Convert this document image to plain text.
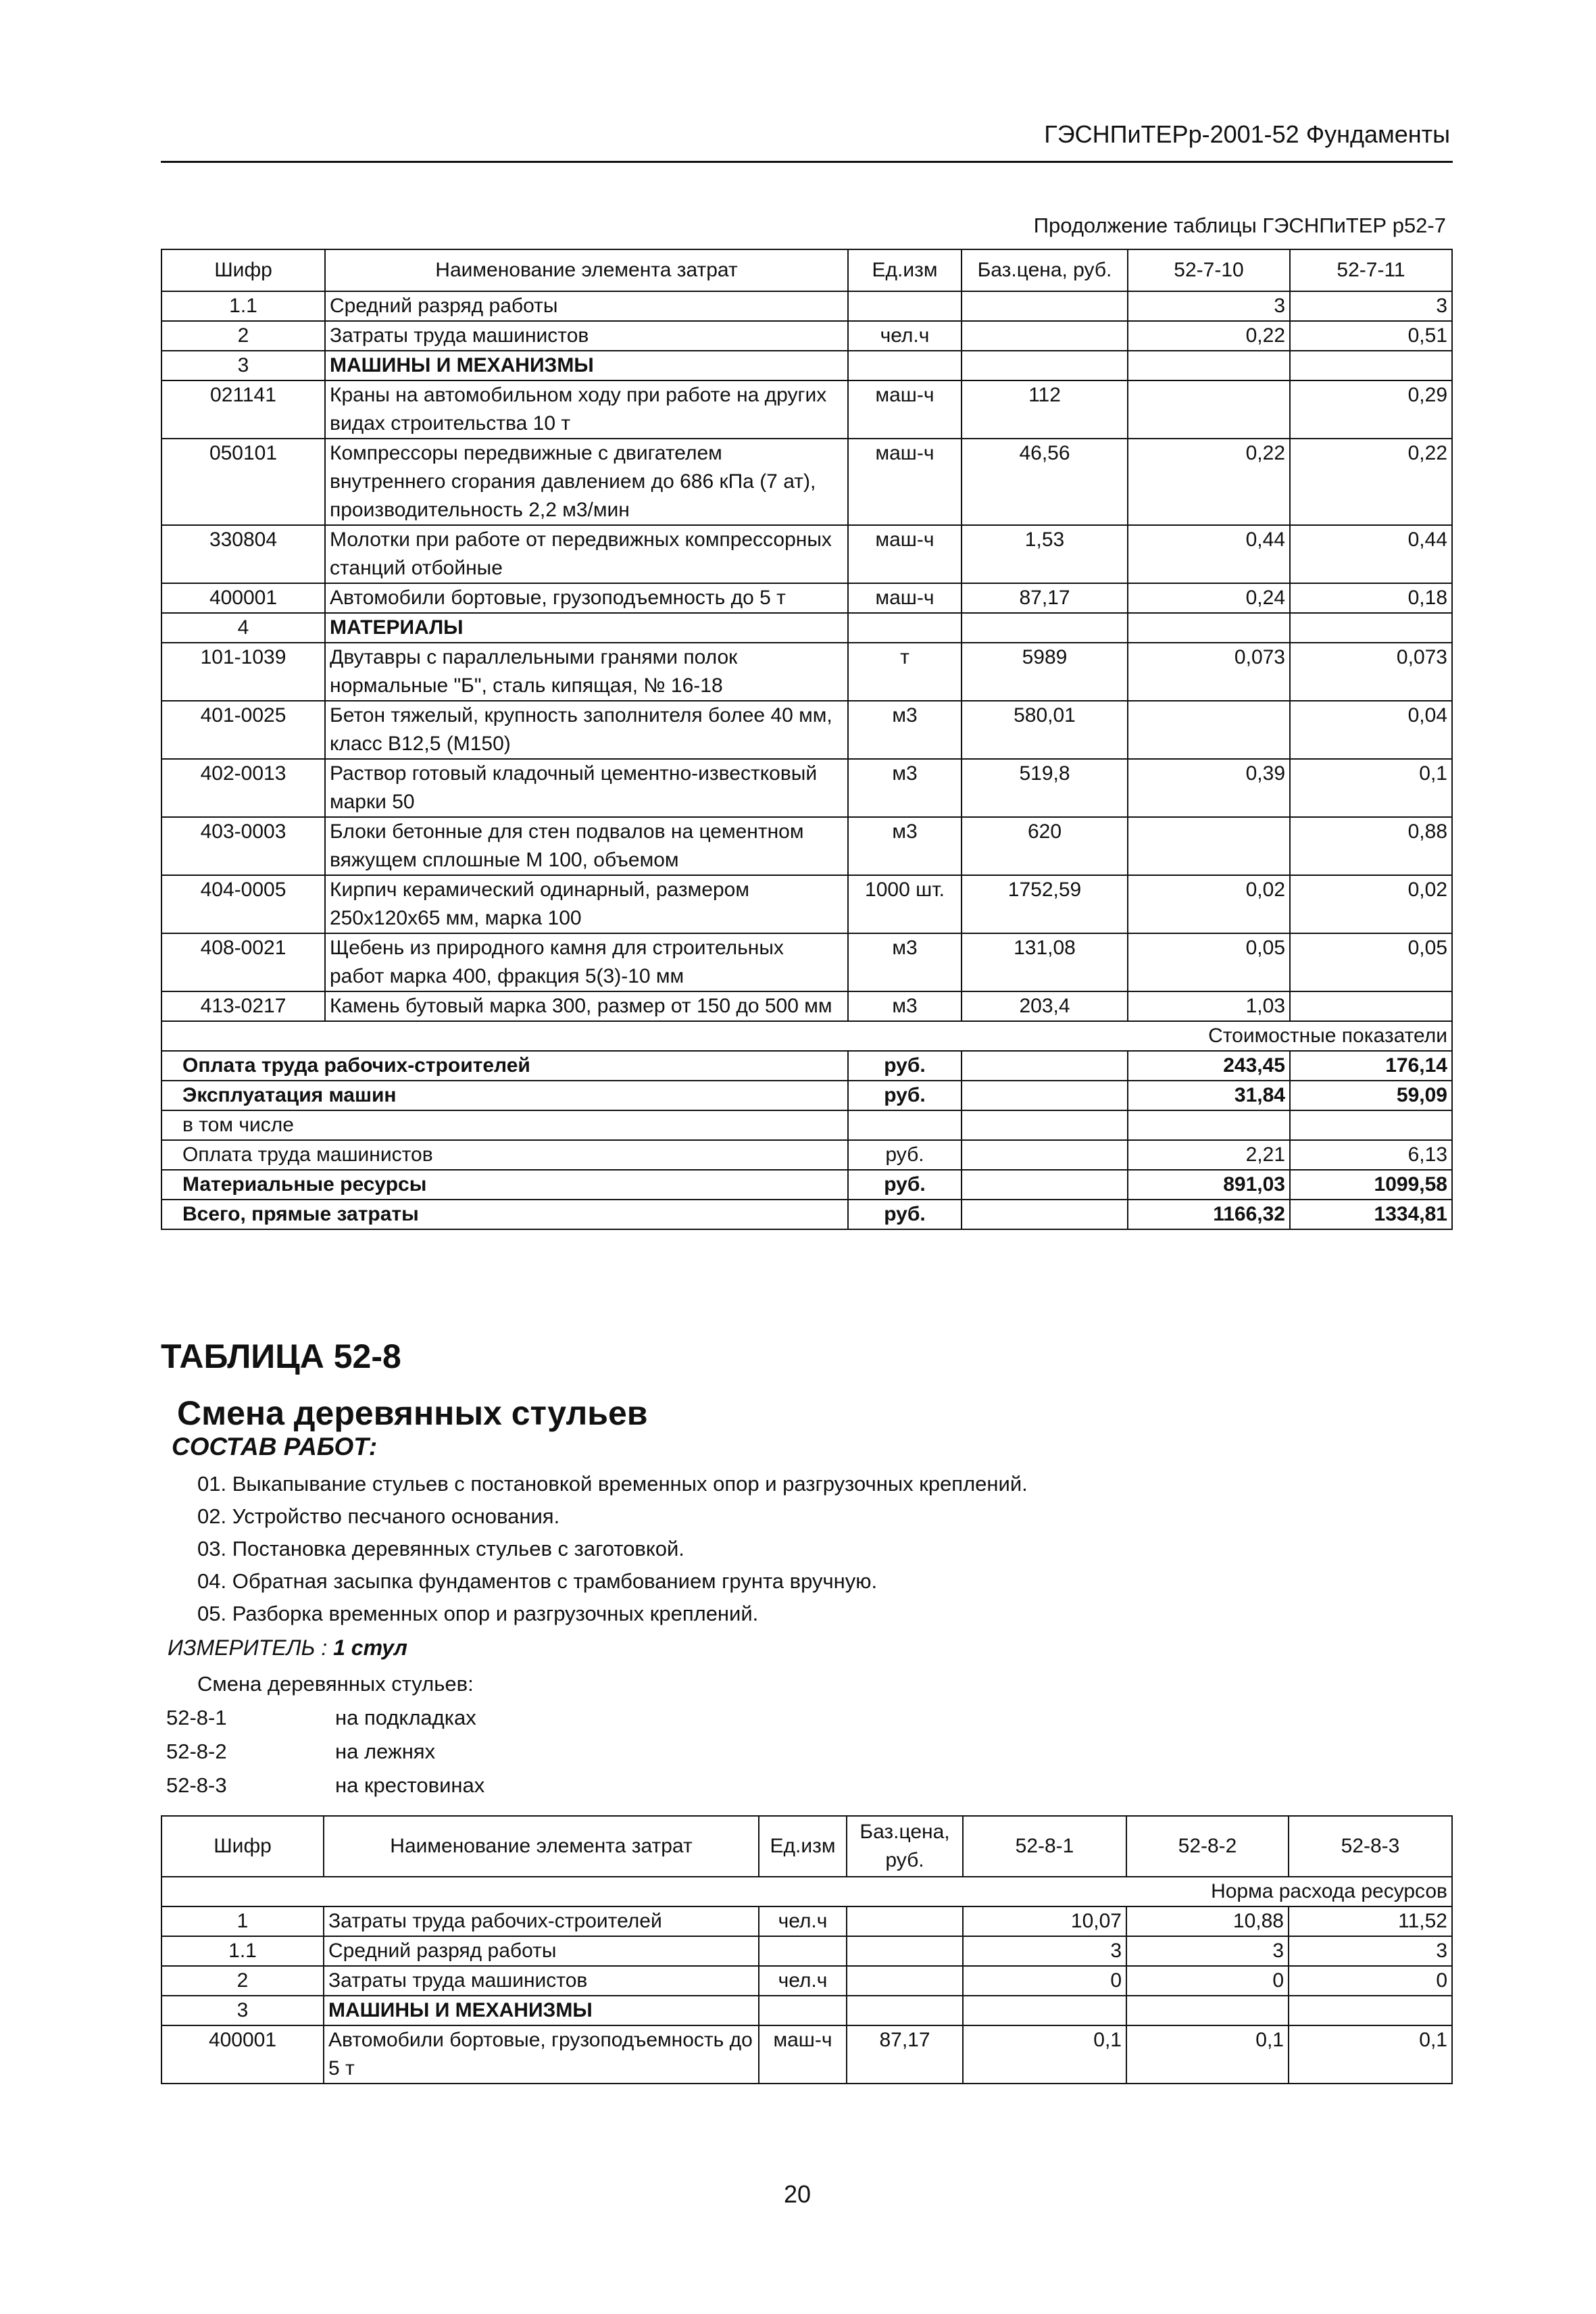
ГЭСНПиТЕРр-2001-52 Фундаменты
Продолжение таблицы ГЭСНПиТЕР р52-7
Шифр	Наименование элемента затрат	Ед.изм	Баз.цена, руб.	52-7-10	52-7-11
1.1	Средний разряд работы			3	3
2	Затраты труда машинистов	чел.ч		0,22	0,51
3	МАШИНЫ И МЕХАНИЗМЫ				
021141	Краны на автомобильном ходу при работе на других видах строительства 10 т	маш-ч	112		0,29
050101	Компрессоры передвижные с двигателем внутреннего сгорания давлением до 686 кПа (7 ат), производительность 2,2 м3/мин	маш-ч	46,56	0,22	0,22
330804	Молотки при работе от передвижных компрессорных станций отбойные	маш-ч	1,53	0,44	0,44
400001	Автомобили бортовые, грузоподъемность до 5 т	маш-ч	87,17	0,24	0,18
4	МАТЕРИАЛЫ				
101-1039	Двутавры с параллельными гранями полок нормальные "Б", сталь кипящая, № 16-18	т	5989	0,073	0,073
401-0025	Бетон тяжелый, крупность заполнителя более 40 мм, класс В12,5 (М150)	м3	580,01		0,04
402-0013	Раствор готовый кладочный цементно-известковый марки 50	м3	519,8	0,39	0,1
403-0003	Блоки бетонные для стен подвалов на цементном вяжущем сплошные М 100, объемом	м3	620		0,88
404-0005	Кирпич керамический одинарный, размером 250х120х65 мм, марка 100	1000 шт.	1752,59	0,02	0,02
408-0021	Щебень из природного камня для строительных работ марка 400, фракция 5(3)-10 мм	м3	131,08	0,05	0,05
413-0217	Камень бутовый марка 300, размер от 150 до 500 мм	м3	203,4	1,03	
Стоимостные показатели					
Оплата труда рабочих-строителей		руб.		243,45	176,14
Эксплуатация машин		руб.		31,84	59,09
в том числе					
Оплата труда машинистов		руб.		2,21	6,13
Материальные ресурсы		руб.		891,03	1099,58
Всего, прямые затраты		руб.		1166,32	1334,81
ТАБЛИЦА 52-8
Смена деревянных стульев
СОСТАВ РАБОТ:
01. Выкапывание стульев с постановкой временных опор и разгрузочных креплений.
02. Устройство песчаного основания.
03. Постановка деревянных стульев с заготовкой.
04. Обратная засыпка фундаментов с трамбованием грунта вручную.
05. Разборка временных опор и разгрузочных креплений.
ИЗМЕРИТЕЛЬ : 1 стул
Смена деревянных стульев:
52-8-1	на подкладках
52-8-2	на лежнях
52-8-3	на крестовинах
Шифр	Наименование элемента затрат	Ед.изм	Баз.цена, руб.	52-8-1	52-8-2	52-8-3
Норма расхода ресурсов						
1	Затраты труда рабочих-строителей	чел.ч		10,07	10,88	11,52
1.1	Средний разряд работы			3	3	3
2	Затраты труда машинистов	чел.ч		0	0	0
3	МАШИНЫ И МЕХАНИЗМЫ					
400001	Автомобили бортовые, грузоподъемность до 5 т	маш-ч	87,17	0,1	0,1	0,1
20
